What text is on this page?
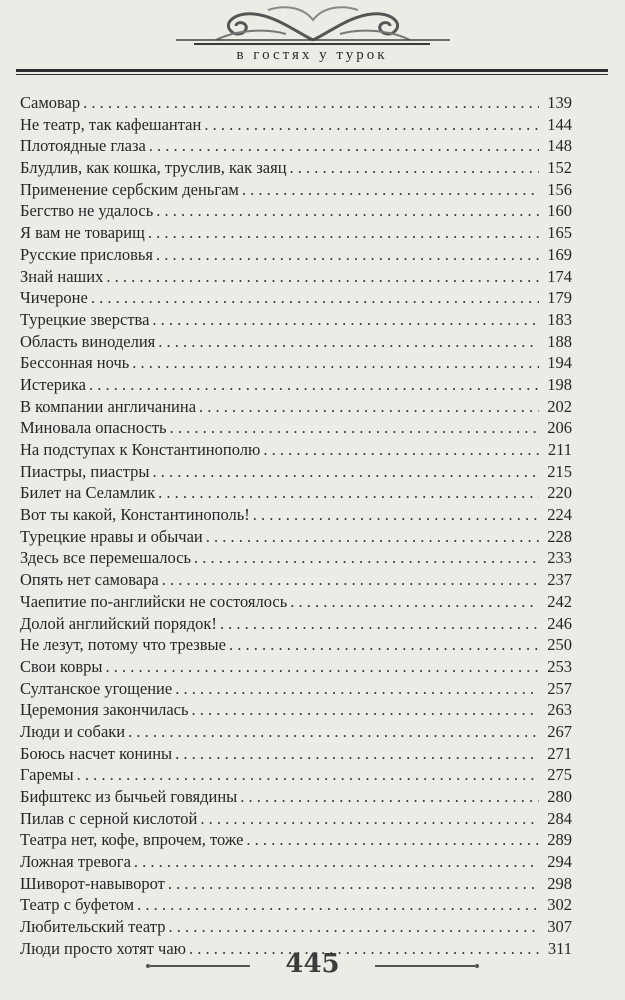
в гостях у турок
Самовар . . .	139
Не театр, так кафешантан . . .	144
Плотоядные глаза . . .	148
Блудлив, как кошка, труслив, как заяц . . .	152
Применение сербским деньгам . . .	156
Бегство не удалось . . .	160
Я вам не товарищ . . .	165
Русские присловья . . .	169
Знай наших . . .	174
Чичероне . . .	179
Турецкие зверства . . .	183
Область виноделия . . .	188
Бессонная ночь . . .	194
Истерика . . .	198
В компании англичанина . . .	202
Миновала опасность . . .	206
На подступах к Константинополю . . .	211
Пиастры, пиастры . . .	215
Билет на Селамлик . . .	220
Вот ты какой, Константинополь! . . .	224
Турецкие нравы и обычаи . . .	228
Здесь все перемешалось . . .	233
Опять нет самовара . . .	237
Чаепитие по-английски не состоялось . . .	242
Долой английский порядок! . . .	246
Не лезут, потому что трезвые . . .	250
Свои ковры . . .	253
Султанское угощение . . .	257
Церемония закончилась . . .	263
Люди и собаки . . .	267
Боюсь насчет конины . . .	271
Гаремы . . .	275
Бифштекс из бычьей говядины . . .	280
Пилав с серной кислотой . . .	284
Театра нет, кофе, впрочем, тоже . . .	289
Ложная тревога . . .	294
Шиворот-навыворот . . .	298
Театр с буфетом . . .	302
Любительский театр . . .	307
Люди просто хотят чаю . . .	311
445
